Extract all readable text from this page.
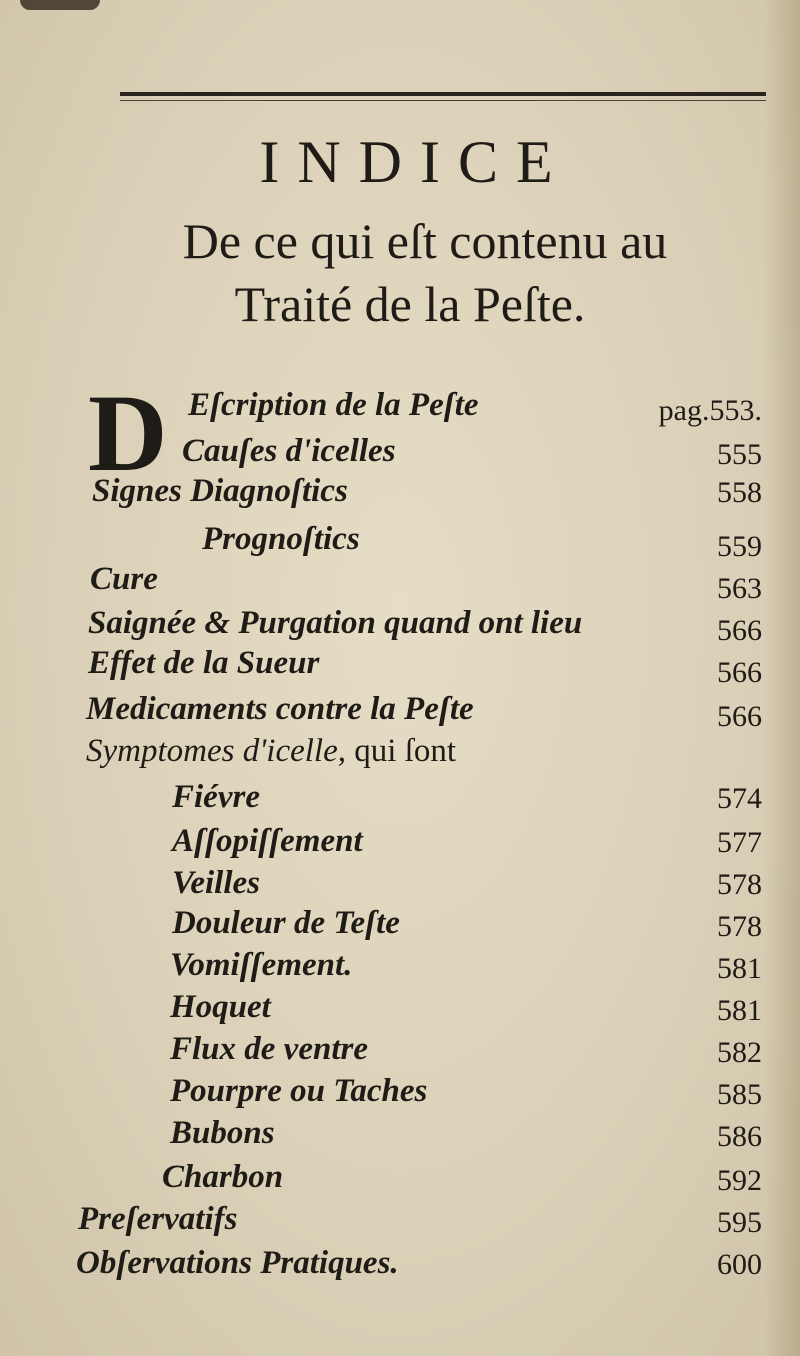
INDICE
De ce qui eſt contenu au
Traité de la Peſte.
D Eſcription de la Peſte	pag.553.
Cauſes d'icelles	555
Signes Diagnoſtics	558
Prognoſtics	559
Cure	563
Saignée & Purgation quand ont lieu	566
Effet de la Sueur	566
Medicaments contre la Peſte	566
Symptomes d'icelle, qui ſont
Fiévre	574
Aſſopiſſement	577
Veilles	578
Douleur de Teſte	578
Vomiſſement.	581
Hoquet	581
Flux de ventre	582
Pourpre ou Taches	585
Bubons	586
Charbon	592
Preſervatifs	595
Obſervations Pratiques.	600
